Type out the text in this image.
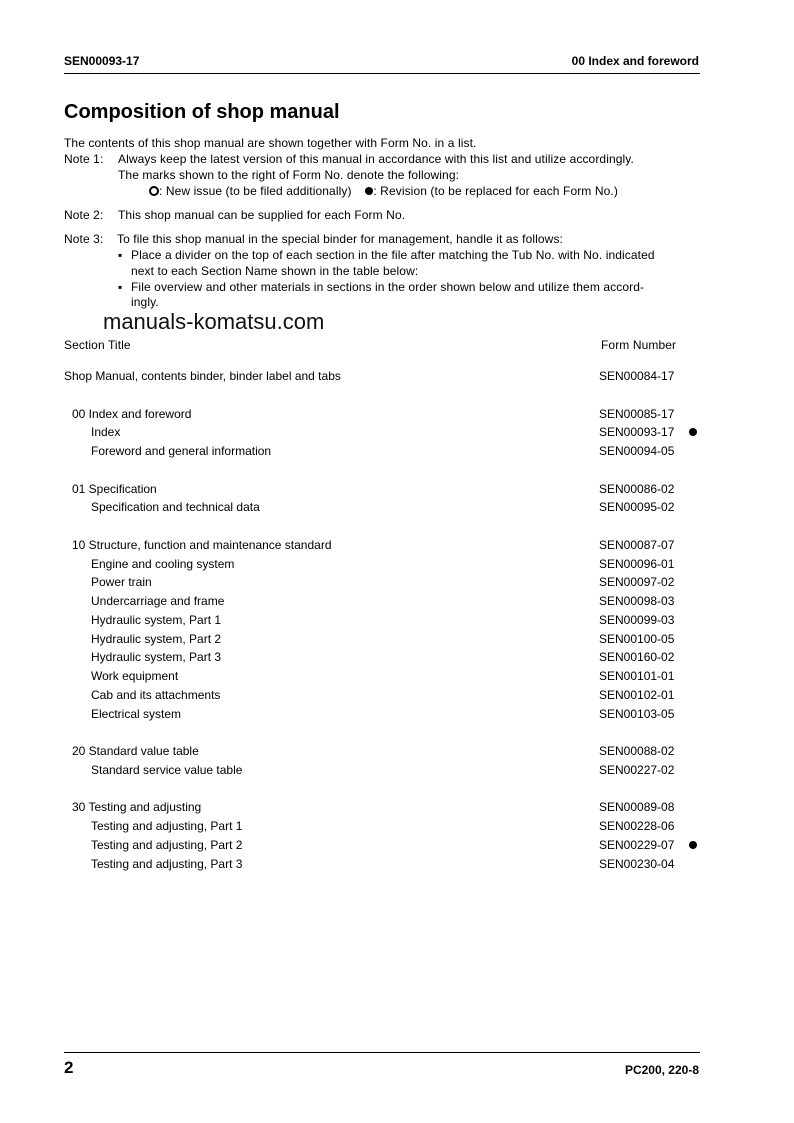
SEN00093-17	00 Index and foreword
Composition of shop manual
The contents of this shop manual are shown together with Form No. in a list.
Note 1: Always keep the latest version of this manual in accordance with this list and utilize accordingly.
The marks shown to the right of Form No. denote the following:
: New issue (to be filed additionally) : Revision (to be replaced for each Form No.)
Note 2: This shop manual can be supplied for each Form No.
Note 3: To file this shop manual in the special binder for management, handle it as follows:
▪ Place a divider on the top of each section in the file after matching the Tub No. with No. indicated
next to each Section Name shown in the table below:
▪ File overview and other materials in sections in the order shown below and utilize them accord-
ingly.
manuals-komatsu.com
Section Title	Form Number
Shop Manual, contents binder, binder label and tabs	SEN00084-17
00 Index and foreword	SEN00085-17
Index	SEN00093-17
Foreword and general information	SEN00094-05
01 Specification	SEN00086-02
Specification and technical data	SEN00095-02
10 Structure, function and maintenance standard	SEN00087-07
Engine and cooling system	SEN00096-01
Power train	SEN00097-02
Undercarriage and frame	SEN00098-03
Hydraulic system, Part 1	SEN00099-03
Hydraulic system, Part 2	SEN00100-05
Hydraulic system, Part 3	SEN00160-02
Work equipment	SEN00101-01
Cab and its attachments	SEN00102-01
Electrical system	SEN00103-05
20 Standard value table	SEN00088-02
Standard service value table	SEN00227-02
30 Testing and adjusting	SEN00089-08
Testing and adjusting, Part 1	SEN00228-06
Testing and adjusting, Part 2	SEN00229-07
Testing and adjusting, Part 3	SEN00230-04
2	PC200, 220-8
